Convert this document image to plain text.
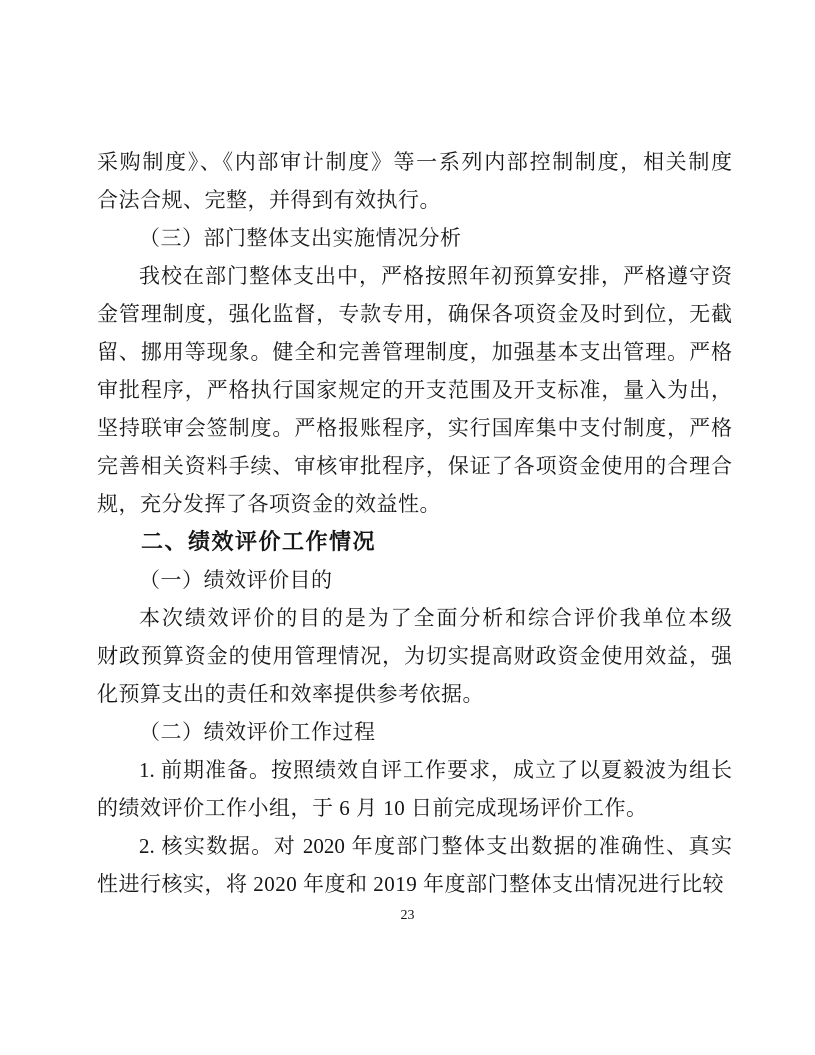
采购制度》、《内部审计制度》等一系列内部控制制度，相关制度
合法合规、完整，并得到有效执行。
（三）部门整体支出实施情况分析
我校在部门整体支出中，严格按照年初预算安排，严格遵守资
金管理制度，强化监督，专款专用，确保各项资金及时到位，无截
留、挪用等现象。健全和完善管理制度，加强基本支出管理。严格
审批程序，严格执行国家规定的开支范围及开支标准，量入为出，
坚持联审会签制度。严格报账程序，实行国库集中支付制度，严格
完善相关资料手续、审核审批程序，保证了各项资金使用的合理合
规，充分发挥了各项资金的效益性。
二、绩效评价工作情况
（一）绩效评价目的
本次绩效评价的目的是为了全面分析和综合评价我单位本级
财政预算资金的使用管理情况，为切实提高财政资金使用效益，强
化预算支出的责任和效率提供参考依据。
（二）绩效评价工作过程
1. 前期准备。按照绩效自评工作要求，成立了以夏毅波为组长
的绩效评价工作小组，于 6 月 10 日前完成现场评价工作。
2. 核实数据。对 2020 年度部门整体支出数据的准确性、真实
性进行核实，将 2020 年度和 2019 年度部门整体支出情况进行比较
23
